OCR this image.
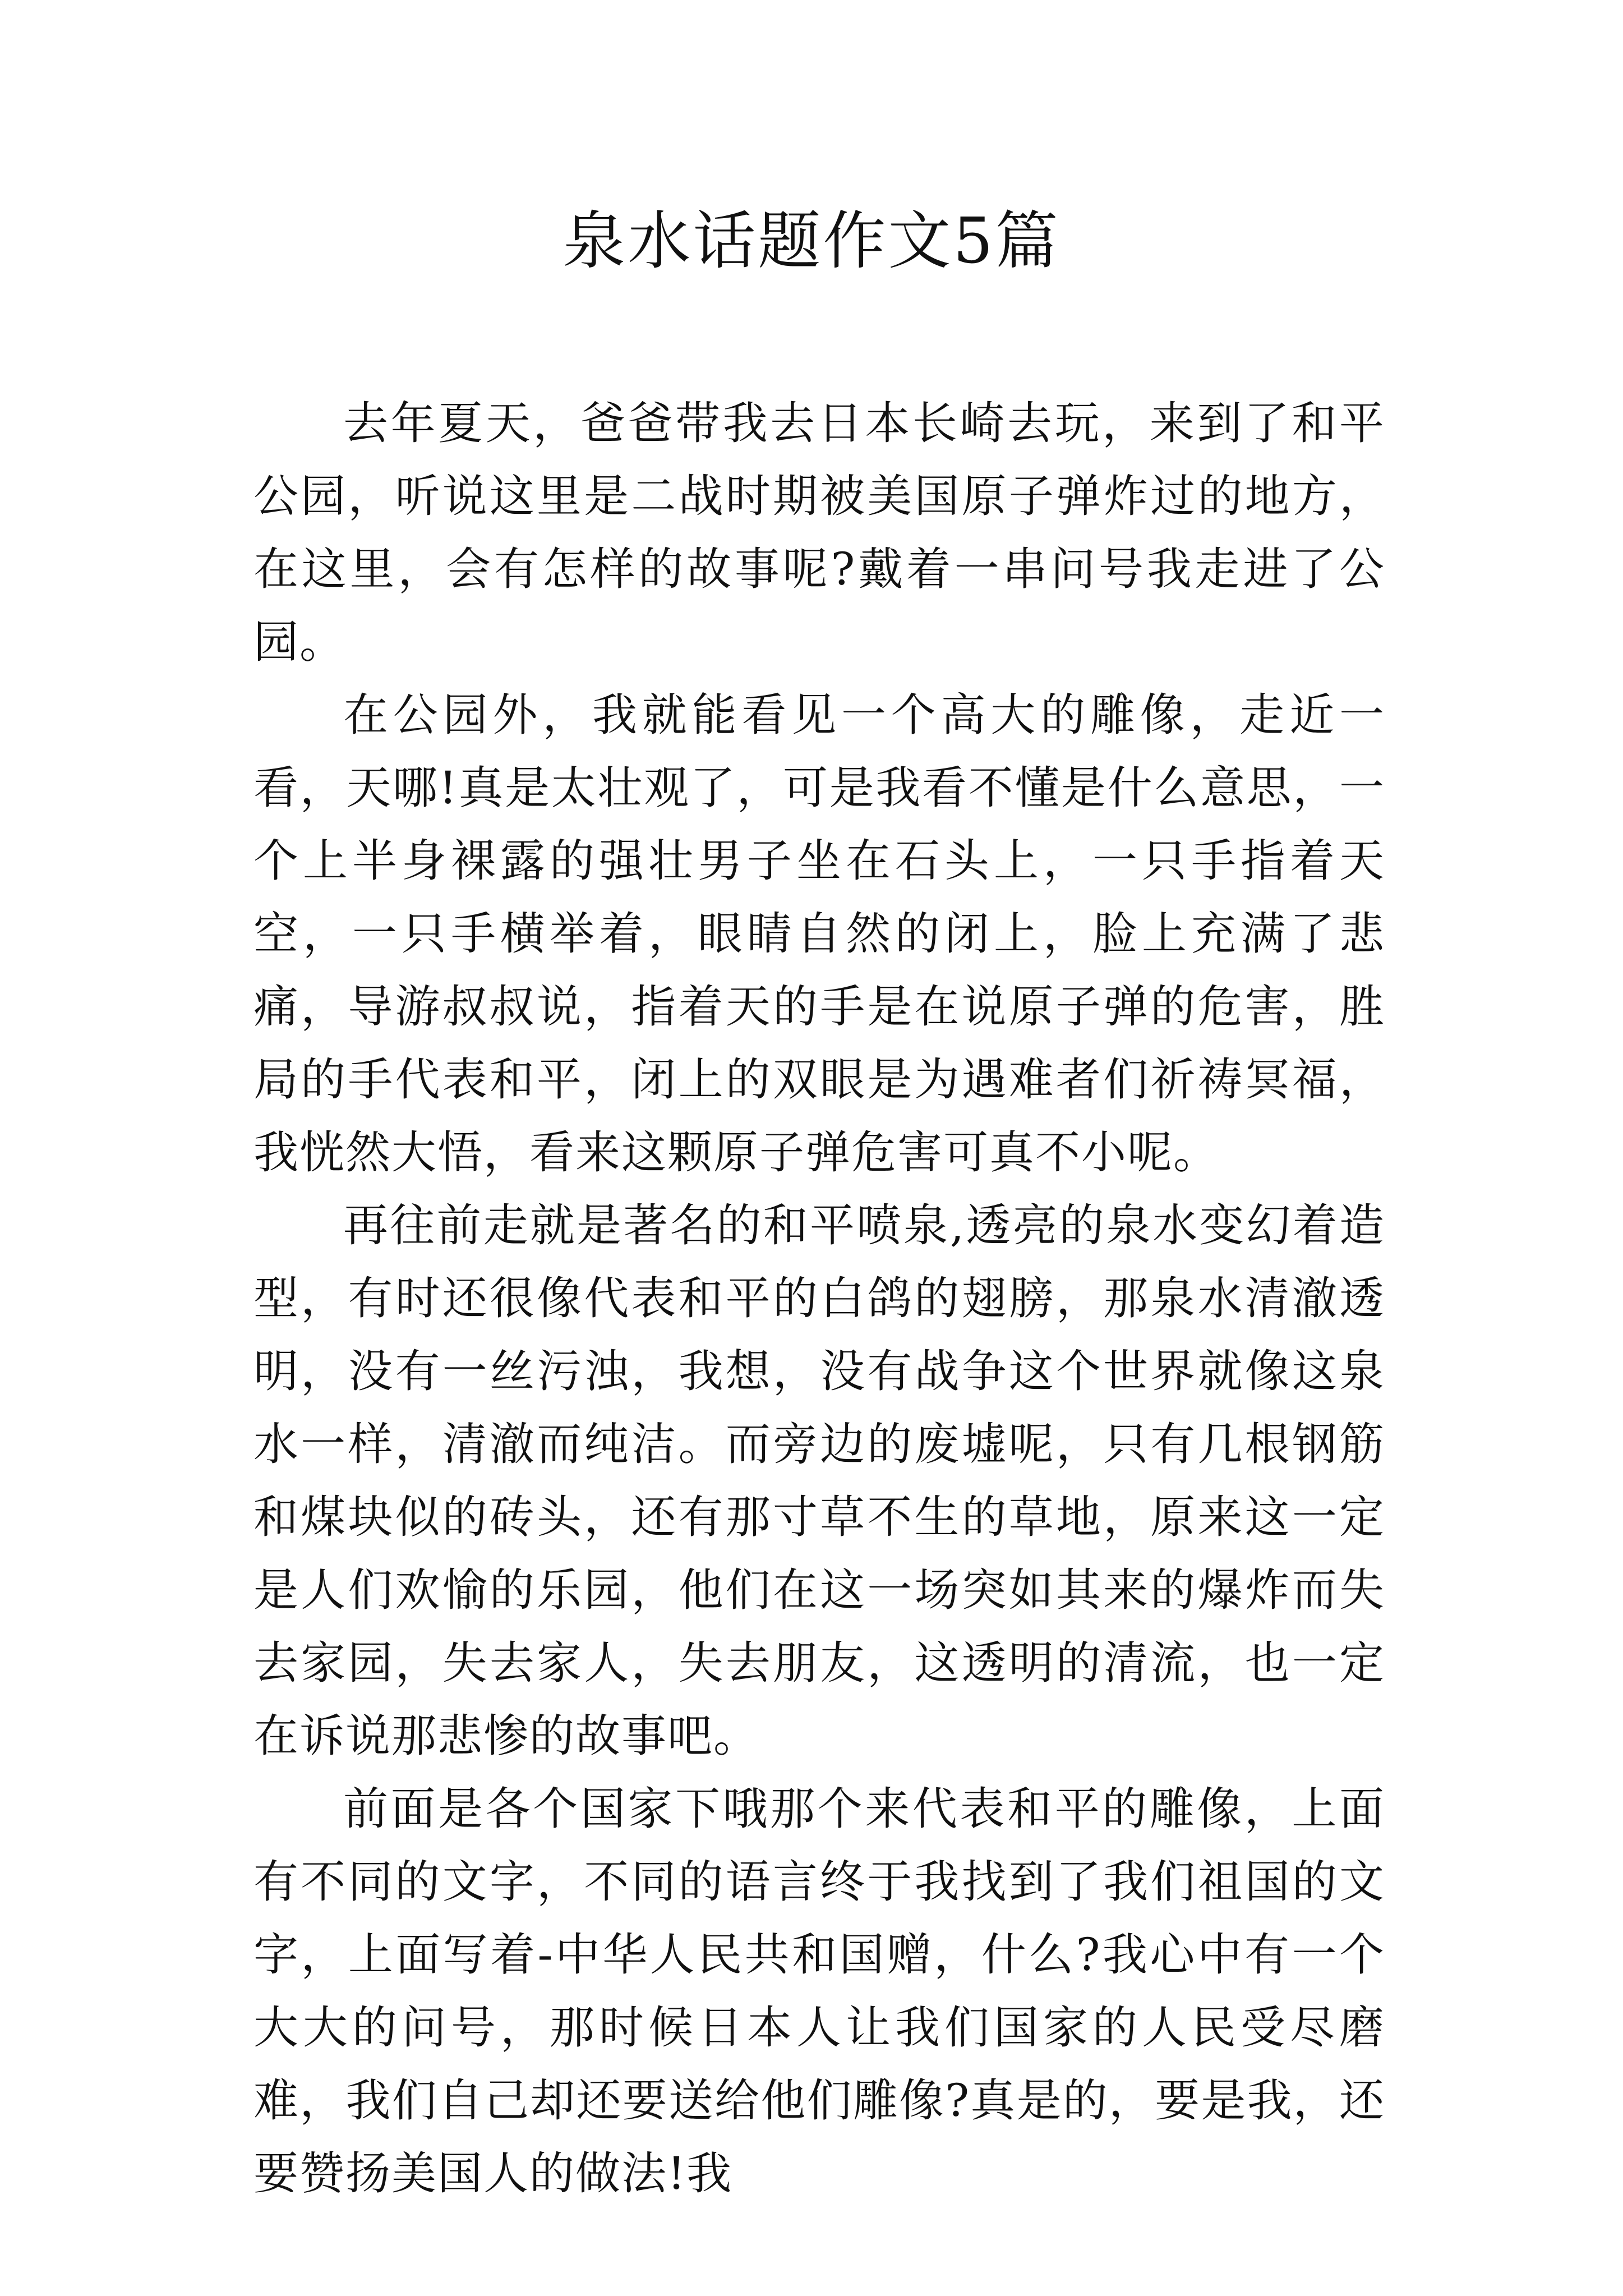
泉水话题作文5篇

去年夏天，爸爸带我去日本长崎去玩，来到了和平公园，听说这里是二战时期被美国原子弹炸过的地方，在这里，会有怎样的故事呢?戴着一串问号我走进了公园。

在公园外，我就能看见一个高大的雕像，走近一看，天哪!真是太壮观了，可是我看不懂是什么意思，一个上半身裸露的强壮男子坐在石头上，一只手指着天空，一只手横举着，眼睛自然的闭上，脸上充满了悲痛，导游叔叔说，指着天的手是在说原子弹的危害，胜局的手代表和平，闭上的双眼是为遇难者们祈祷冥福，我恍然大悟，看来这颗原子弹危害可真不小呢。

再往前走就是著名的和平喷泉,透亮的泉水变幻着造型，有时还很像代表和平的白鸽的翅膀，那泉水清澈透明，没有一丝污浊，我想，没有战争这个世界就像这泉水一样，清澈而纯洁。而旁边的废墟呢，只有几根钢筋和煤块似的砖头，还有那寸草不生的草地，原来这一定是人们欢愉的乐园，他们在这一场突如其来的爆炸而失去家园，失去家人，失去朋友，这透明的清流，也一定在诉说那悲惨的故事吧。

前面是各个国家下哦那个来代表和平的雕像，上面有不同的文字，不同的语言终于我找到了我们祖国的文字，上面写着-中华人民共和国赠，什么?我心中有一个大大的问号，那时候日本人让我们国家的人民受尽磨难，我们自己却还要送给他们雕像?真是的，要是我，还要赞扬美国人的做法!我
